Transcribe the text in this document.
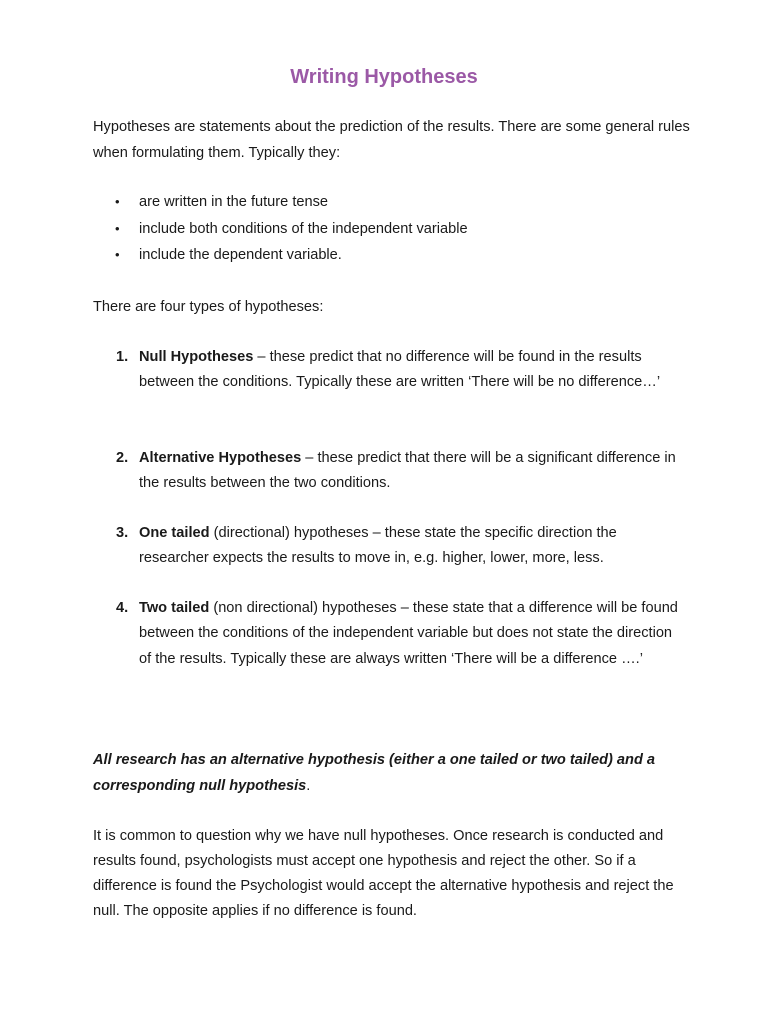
Writing Hypotheses

Hypotheses are statements about the prediction of the results. There are some general rules when formulating them. Typically they:

• are written in the future tense
• include both conditions of the independent variable
• include the dependent variable.

There are four types of hypotheses:

1. Null Hypotheses – these predict that no difference will be found in the results between the conditions. Typically these are written ‘There will be no difference…’
2. Alternative Hypotheses – these predict that there will be a significant difference in the results between the two conditions.
3. One tailed (directional) hypotheses – these state the specific direction the researcher expects the results to move in, e.g. higher, lower, more, less.
4. Two tailed (non directional) hypotheses – these state that a difference will be found between the conditions of the independent variable but does not state the direction of the results. Typically these are always written ‘There will be a difference ….’

All research has an alternative hypothesis (either a one tailed or two tailed) and a corresponding null hypothesis.

It is common to question why we have null hypotheses. Once research is conducted and results found, psychologists must accept one hypothesis and reject the other. So if a difference is found the Psychologist would accept the alternative hypothesis and reject the null. The opposite applies if no difference is found.
